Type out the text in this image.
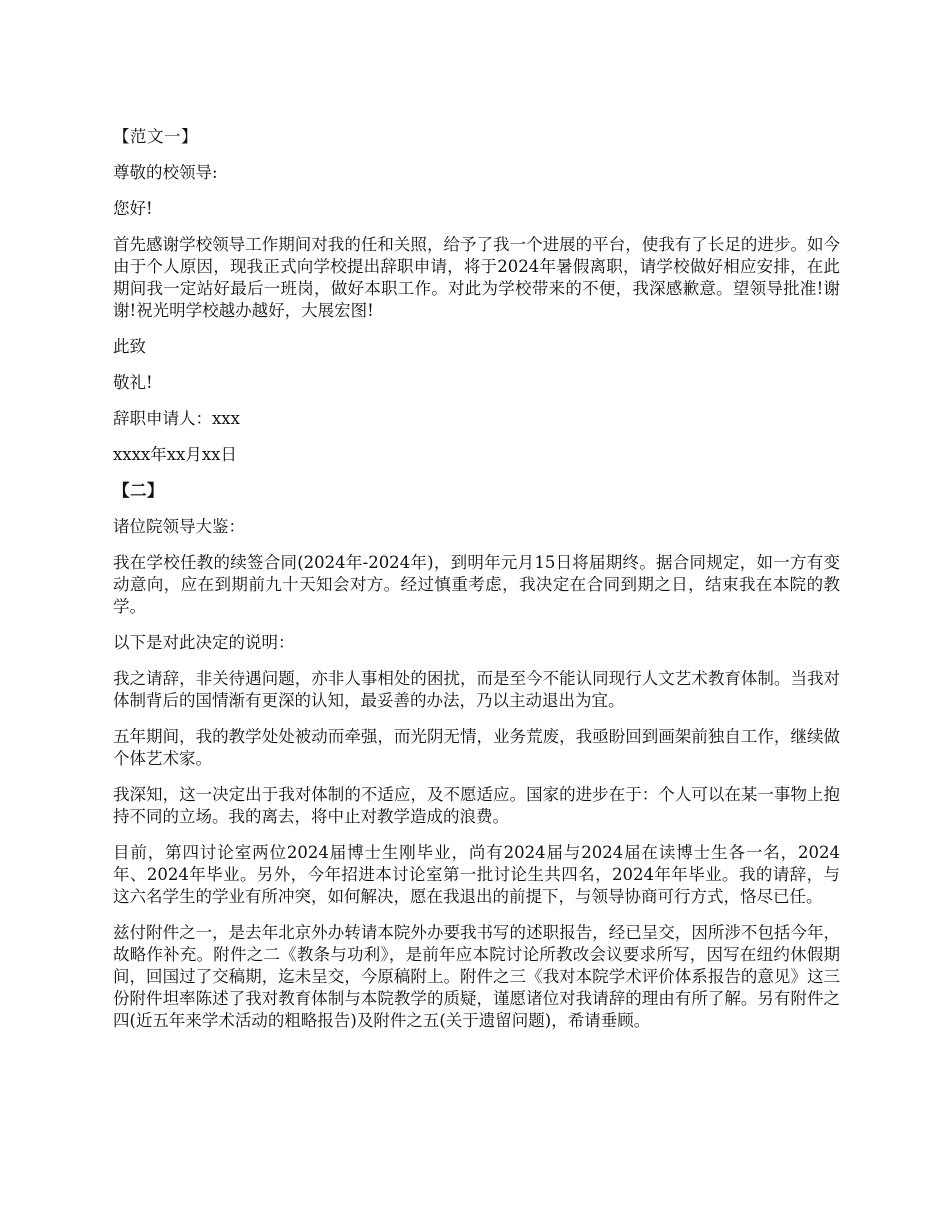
【范文一】
尊敬的校领导:
您好!
首先感谢学校领导工作期间对我的任和关照，给予了我一个进展的平台，使我有了长足的进步。如今由于个人原因，现我正式向学校提出辞职申请，将于2024年暑假离职，请学校做好相应安排，在此期间我一定站好最后一班岗，做好本职工作。对此为学校带来的不便，我深感歉意。望领导批准!谢谢!祝光明学校越办越好，大展宏图!
此致
敬礼!
辞职申请人：xxx
xxxx年xx月xx日
【二】
诸位院领导大鉴：
我在学校任教的续签合同(2024年-2024年)，到明年元月15日将届期终。据合同规定，如一方有变动意向，应在到期前九十天知会对方。经过慎重考虑，我决定在合同到期之日，结束我在本院的教学。
以下是对此决定的说明：
我之请辞，非关待遇问题，亦非人事相处的困扰，而是至今不能认同现行人文艺术教育体制。当我对体制背后的国情渐有更深的认知，最妥善的办法，乃以主动退出为宜。
五年期间，我的教学处处被动而牵强，而光阴无情，业务荒废，我亟盼回到画架前独自工作，继续做个体艺术家。
我深知，这一决定出于我对体制的不适应，及不愿适应。国家的进步在于：个人可以在某一事物上抱持不同的立场。我的离去，将中止对教学造成的浪费。
目前，第四讨论室两位2024届博士生刚毕业，尚有2024届与2024届在读博士生各一名，2024年、2024年毕业。另外，今年招进本讨论室第一批讨论生共四名，2024年年毕业。我的请辞，与这六名学生的学业有所冲突，如何解决，愿在我退出的前提下，与领导协商可行方式，恪尽已任。
兹付附件之一，是去年北京外办转请本院外办要我书写的述职报告，经已呈交，因所涉不包括今年，故略作补充。附件之二《教条与功利》，是前年应本院讨论所教改会议要求所写，因写在纽约休假期间，回国过了交稿期，迄未呈交，今原稿附上。附件之三《我对本院学术评价体系报告的意见》这三份附件坦率陈述了我对教育体制与本院教学的质疑，谨愿诸位对我请辞的理由有所了解。另有附件之四(近五年来学术活动的粗略报告)及附件之五(关于遗留问题)，希请垂顾。
